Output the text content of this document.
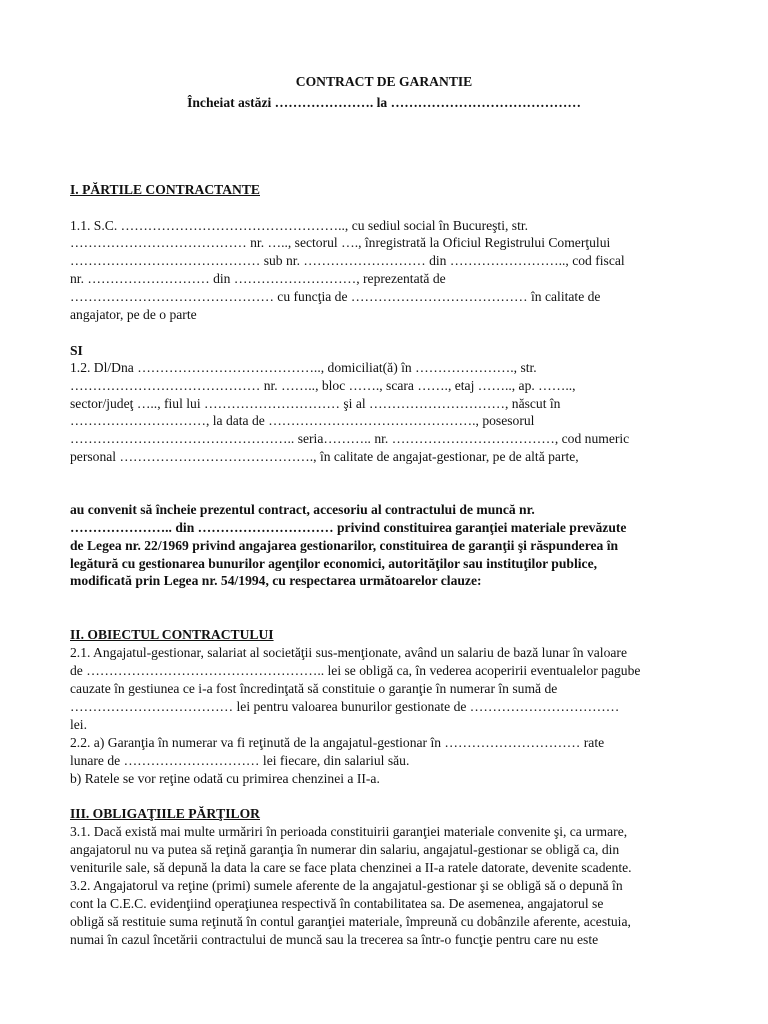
CONTRACT DE GARANTIE
Încheiat astăzi …………………. la ……………………………………
I. PĂRTILE CONTRACTANTE
1.1. S.C. ………………………………………….., cu sediul social în Bucureşti, str.
………………………………… nr. ….., sectorul …., înregistrată la Oficiul Registrului Comerţului
…………………………………… sub nr. ……………………… din …………………….., cod fiscal
nr. ……………………… din ………………………, reprezentată de
……………………………………… cu funcţia de ………………………………… în calitate de
angajator, pe de o parte
SI
1.2. Dl/Dna ………………………………….., domiciliat(ă) în …………………., str.
…………………………………… nr. …….., bloc ……., scara ……., etaj …….., ap. ……..,
sector/judeţ ….., fiul lui ………………………… şi al …………………………, născut în
…………………………, la data de ………………………………………., posesorul
………………………………………….. seria……….. nr. ………………………………, cod numeric
personal ……………………………………., în calitate de angajat-gestionar, pe de altă parte,
au convenit să încheie prezentul contract, accesoriu al contractului de muncă nr.
………………….. din ………………………… privind constituirea garanţiei materiale prevăzute
de Legea nr. 22/1969 privind angajarea gestionarilor, constituirea de garanţii şi răspunderea în
legătură cu gestionarea bunurilor agenţilor economici, autorităţilor sau instituţilor publice,
modificată prin Legea nr. 54/1994, cu respectarea următoarelor clauze:
II. OBIECTUL CONTRACTULUI
2.1. Angajatul-gestionar, salariat al societăţii sus-menţionate, având un salariu de bază lunar în valoare
de …………………………………………….. lei se obligă ca, în vederea acoperirii eventualelor pagube
cauzate în gestiunea ce i-a fost încredinţată să constituie o garanţie în numerar în sumă de
……………………………… lei pentru valoarea bunurilor gestionate de ……………………………
lei.
2.2. a) Garanţia în numerar va fi reţinută de la angajatul-gestionar în ………………………… rate
lunare de ………………………… lei fiecare, din salariul său.
b) Ratele se vor reţine odată cu primirea chenzinei a II-a.
III. OBLIGAŢIILE PĂRŢILOR
3.1. Dacă există mai multe urmăriri în perioada constituirii garanţiei materiale convenite şi, ca urmare,
angajatorul nu va putea să reţină garanţia în numerar din salariu, angajatul-gestionar se obligă ca, din
veniturile sale, să depună la data la care se face plata chenzinei a II-a ratele datorate, devenite scadente.
3.2. Angajatorul va reţine (primi) sumele aferente de la angajatul-gestionar şi se obligă să o depună în
cont la C.E.C. evidenţiind operaţiunea respectivă în contabilitatea sa. De asemenea, angajatorul se
obligă să restituie suma reţinută în contul garanţiei materiale, împreună cu dobânzile aferente, acestuia,
numai în cazul încetării contractului de muncă sau la trecerea sa într-o funcţie pentru care nu este
